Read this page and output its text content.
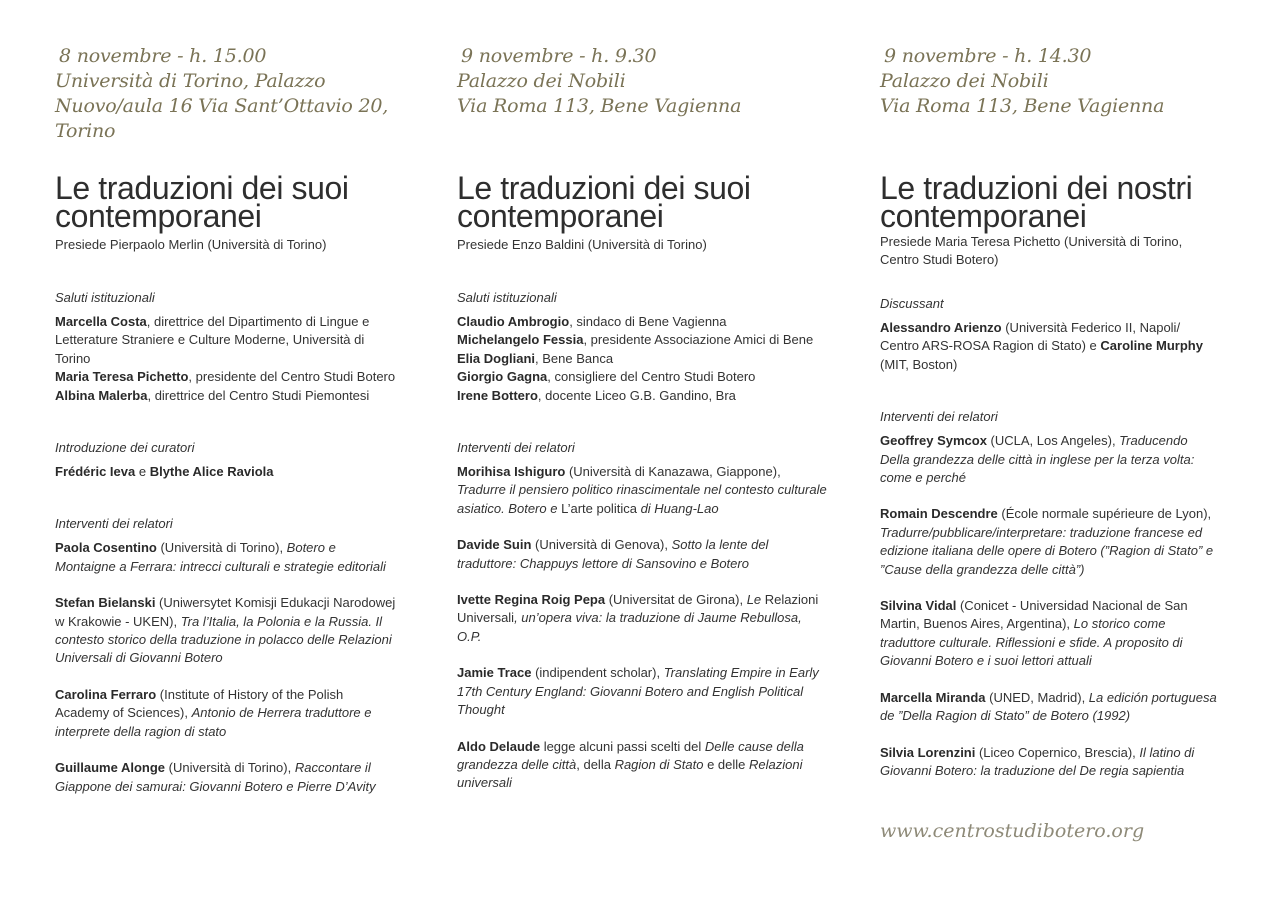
8 novembre - h. 15.00
Università di Torino, Palazzo Nuovo/aula 16 Via Sant’Ottavio 20, Torino
Le traduzioni dei suoi contemporanei
Presiede Pierpaolo Merlin (Università di Torino)
Saluti istituzionali
Marcella Costa, direttrice del Dipartimento di Lingue e Letterature Straniere e Culture Moderne, Università di Torino
Maria Teresa Pichetto, presidente del Centro Studi Botero
Albina Malerba, direttrice del Centro Studi Piemontesi
Introduzione dei curatori
Frédéric Ieva e Blythe Alice Raviola
Interventi dei relatori
Paola Cosentino (Università di Torino), Botero e Montaigne a Ferrara: intrecci culturali e strategie editoriali
Stefan Bielanski (Uniwersytet Komisji Edukacji Narodowej w Krakowie - UKEN), Tra l’Italia, la Polonia e la Russia. Il contesto storico della traduzione in polacco delle Relazioni Universali di Giovanni Botero
Carolina Ferraro (Institute of History of the Polish Academy of Sciences), Antonio de Herrera traduttore e interprete della ragion di stato
Guillaume Alonge (Università di Torino), Raccontare il Giappone dei samurai: Giovanni Botero e Pierre D’Avity
9 novembre - h. 9.30
Palazzo dei Nobili
Via Roma 113, Bene Vagienna
Le traduzioni dei suoi contemporanei
Presiede Enzo Baldini (Università di Torino)
Saluti istituzionali
Claudio Ambrogio, sindaco di Bene Vagienna
Michelangelo Fessia, presidente Associazione Amici di Bene
Elia Dogliani, Bene Banca
Giorgio Gagna, consigliere del Centro Studi Botero
Irene Bottero, docente Liceo G.B. Gandino, Bra
Interventi dei relatori
Morihisa Ishiguro (Università di Kanazawa, Giappone), Tradurre il pensiero politico rinascimentale nel contesto culturale asiatico. Botero e L’arte politica di Huang-Lao
Davide Suin (Università di Genova), Sotto la lente del traduttore: Chappuys lettore di Sansovino e Botero
Ivette Regina Roig Pepa (Universitat de Girona), Le Relazioni Universali, un’opera viva: la traduzione di Jaume Rebullosa, O.P.
Jamie Trace (indipendent scholar), Translating Empire in Early 17th Century England: Giovanni Botero and English Political Thought
Aldo Delaude legge alcuni passi scelti del Delle cause della grandezza delle città, della Ragion di Stato e delle Relazioni universali
9 novembre - h. 14.30
Palazzo dei Nobili
Via Roma 113, Bene Vagienna
Le traduzioni dei nostri contemporanei
Presiede Maria Teresa Pichetto (Università di Torino, Centro Studi Botero)
Discussant
Alessandro Arienzo (Università Federico II, Napoli/ Centro ARS-ROSA Ragion di Stato) e Caroline Murphy (MIT, Boston)
Interventi dei relatori
Geoffrey Symcox (UCLA, Los Angeles), Traducendo Della grandezza delle città in inglese per la terza volta: come e perché
Romain Descendre (École normale supérieure de Lyon), Tradurre/pubblicare/interpretare: traduzione francese ed edizione italiana delle opere di Botero (”Ragion di Stato” e ”Cause della grandezza delle città”)
Silvina Vidal (Conicet - Universidad Nacional de San Martin, Buenos Aires, Argentina), Lo storico come traduttore culturale. Riflessioni e sfide. A proposito di Giovanni Botero e i suoi lettori attuali
Marcella Miranda (UNED, Madrid), La edición portuguesa de ”Della Ragion di Stato” de Botero (1992)
Silvia Lorenzini (Liceo Copernico, Brescia), Il latino di Giovanni Botero: la traduzione del De regia sapientia
www.centrostudibotero.org
